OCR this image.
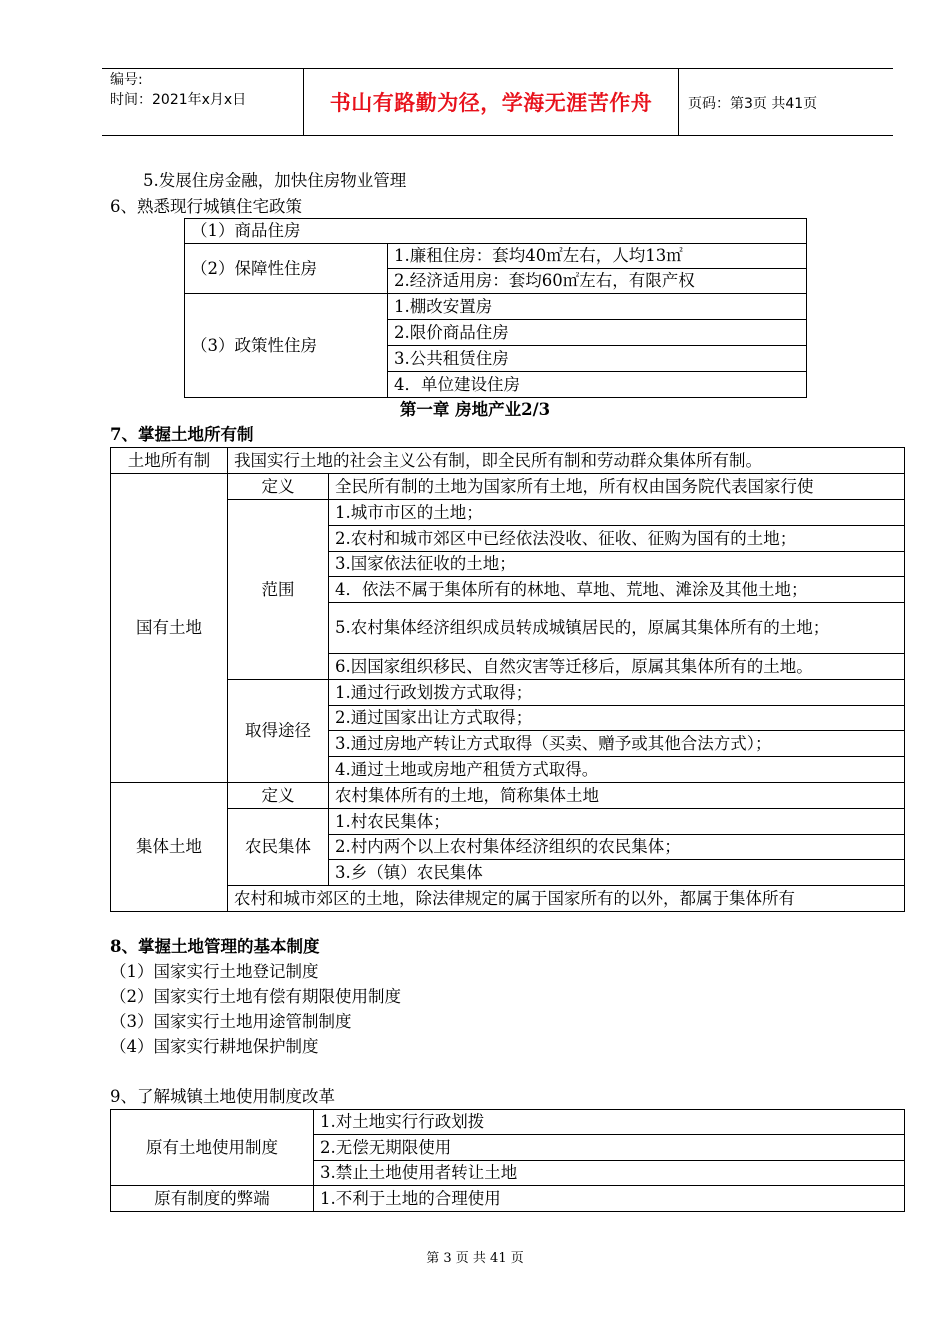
编号:
时间：2021年x月x日	书山有路勤为径，学海无涯苦作舟	页码：第3页 共41页
5.发展住房金融，加快住房物业管理
6、熟悉现行城镇住宅政策
（1）商品住房	
（2）保障性住房	1.廉租住房：套均40㎡左右，人均13㎡
	2.经济适用房：套均60㎡左右，有限产权
（3）政策性住房	1.棚改安置房
	2.限价商品住房
	3.公共租赁住房
	4．单位建设住房
第一章 房地产业2/3
7、掌握土地所有制
土地所有制	我国实行土地的社会主义公有制，即全民所有制和劳动群众集体所有制。	
国有土地	定义	全民所有制的土地为国家所有土地，所有权由国务院代表国家行使
	范围	1.城市市区的土地；
		2.农村和城市郊区中已经依法没收、征收、征购为国有的土地；
		3.国家依法征收的土地；
		4．依法不属于集体所有的林地、草地、荒地、滩涂及其他土地；
		5.农村集体经济组织成员转成城镇居民的，原属其集体所有的土地；
		6.因国家组织移民、自然灾害等迁移后，原属其集体所有的土地。
	取得途径	1.通过行政划拨方式取得；
		2.通过国家出让方式取得；
		3.通过房地产转让方式取得（买卖、赠予或其他合法方式）；
		4.通过土地或房地产租赁方式取得。

集体土地	定义	农村集体所有的土地，简称集体土地
	农民集体	1.村农民集体；
		2.村内两个以上农村集体经济组织的农民集体；
		3.乡（镇）农民集体
	农村和城市郊区的土地，除法律规定的属于国家所有的以外，都属于集体所有	
8、掌握土地管理的基本制度
（1）国家实行土地登记制度
（2）国家实行土地有偿有期限使用制度
（3）国家实行土地用途管制制度
（4）国家实行耕地保护制度
9、了解城镇土地使用制度改革
原有土地使用制度	1.对土地实行行政划拨
	2.无偿无期限使用
	3.禁止土地使用者转让土地
原有制度的弊端	1.不利于土地的合理使用
第 3 页 共 41 页
